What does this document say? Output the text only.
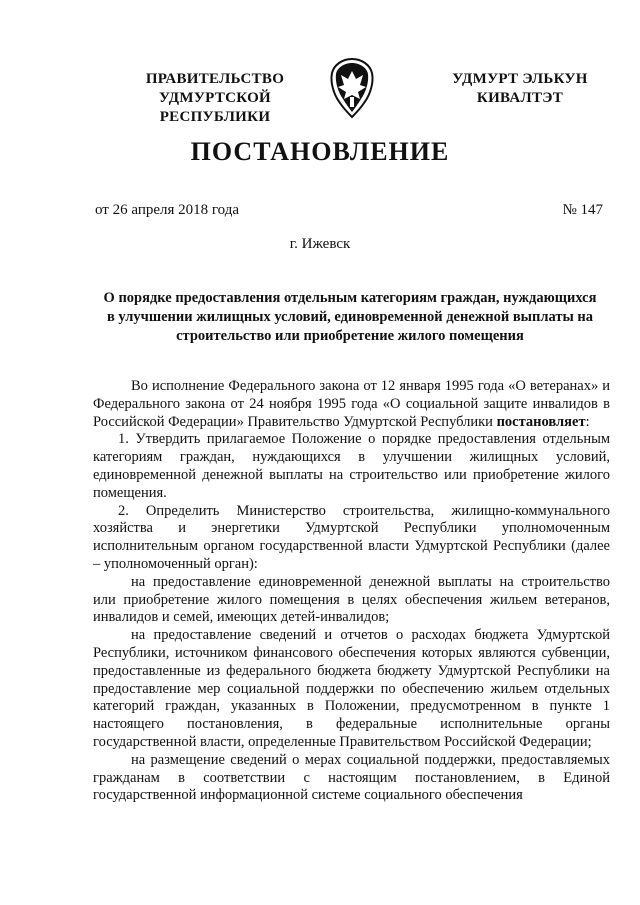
ПРАВИТЕЛЬСТВО
УДМУРТСКОЙ РЕСПУБЛИКИ
УДМУРТ ЭЛЬКУН
КИВАЛТЭТ
ПОСТАНОВЛЕНИЕ
от 26 апреля 2018 года	№ 147
г. Ижевск
О порядке предоставления отдельным категориям граждан, нуждающихся
в улучшении жилищных условий, единовременной денежной выплаты на
строительство или приобретение жилого помещения

Во исполнение Федерального закона от 12 января 1995 года «О ветеранах» и Федерального закона от 24 ноября 1995 года «О социальной защите инвалидов в Российской Федерации» Правительство Удмуртской Республики постановляет:

1. Утвердить прилагаемое Положение о порядке предоставления отдельным категориям граждан, нуждающихся в улучшении жилищных условий, единовременной денежной выплаты на строительство или приобретение жилого помещения.

2. Определить Министерство строительства, жилищно-коммунального хозяйства и энергетики Удмуртской Республики уполномоченным исполнительным органом государственной власти Удмуртской Республики (далее – уполномоченный орган):

на предоставление единовременной денежной выплаты на строительство или приобретение жилого помещения в целях обеспечения жильем ветеранов, инвалидов и семей, имеющих детей-инвалидов;

на предоставление сведений и отчетов о расходах бюджета Удмуртской Республики, источником финансового обеспечения которых являются субвенции, предоставленные из федерального бюджета бюджету Удмуртской Республики на предоставление мер социальной поддержки по обеспечению жильем отдельных категорий граждан, указанных в Положении, предусмотренном в пункте 1 настоящего постановления, в федеральные исполнительные органы государственной власти, определенные Правительством Российской Федерации;

на размещение сведений о мерах социальной поддержки, предоставляемых гражданам в соответствии с настоящим постановлением, в Единой государственной информационной системе социального обеспечения
